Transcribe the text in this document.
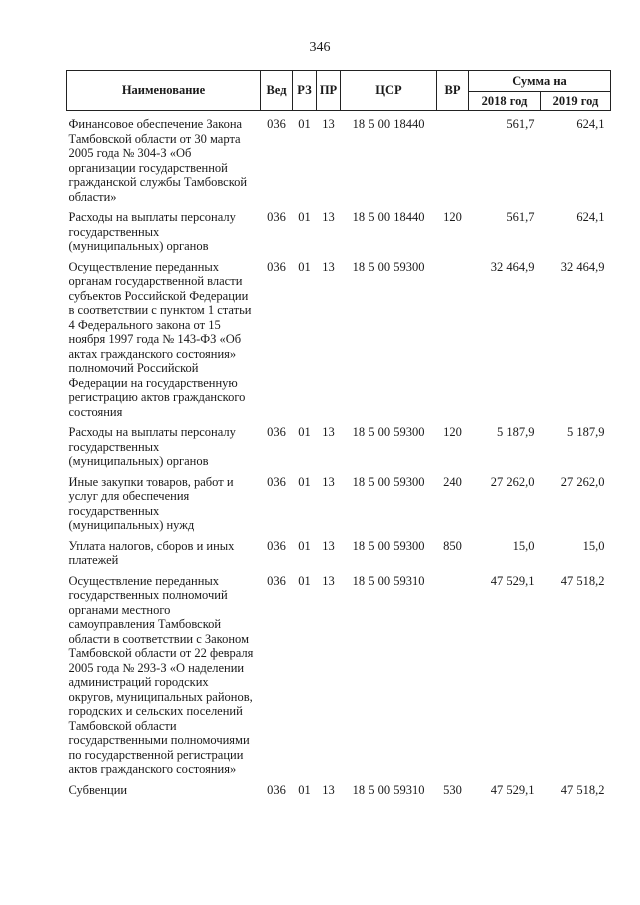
346
Наименование	Вед	РЗ	ПР	ЦСР	ВР	Сумма на	
						2018 год	2019 год
Финансовое обеспечение Закона Тамбовской области от 30 марта 2005 года № 304-З «Об организации государственной гражданской службы Тамбовской области»	036	01	13	18 5 00 18440		561,7	624,1
Расходы на выплаты персоналу государственных (муниципальных) органов	036	01	13	18 5 00 18440	120	561,7	624,1
Осуществление переданных органам государственной власти субъектов Российской Федерации в соответствии с пунктом 1 статьи 4 Федерального закона от 15 ноября 1997 года № 143-ФЗ «Об актах гражданского состояния» полномочий Российской Федерации на государственную регистрацию актов гражданского состояния	036	01	13	18 5 00 59300		32 464,9	32 464,9
Расходы на выплаты персоналу государственных (муниципальных) органов	036	01	13	18 5 00 59300	120	5 187,9	5 187,9
Иные закупки товаров, работ и услуг для обеспечения государственных (муниципальных) нужд	036	01	13	18 5 00 59300	240	27 262,0	27 262,0
Уплата налогов, сборов и иных платежей	036	01	13	18 5 00 59300	850	15,0	15,0
Осуществление переданных государственных полномочий органами местного самоуправления Тамбовской области в соответствии с Законом Тамбовской области от 22 февраля 2005 года № 293-З «О наделении администраций городских округов, муниципальных районов, городских и сельских поселений Тамбовской области государственными полномочиями по государственной регистрации актов гражданского состояния»	036	01	13	18 5 00 59310		47 529,1	47 518,2
Субвенции	036	01	13	18 5 00 59310	530	47 529,1	47 518,2
